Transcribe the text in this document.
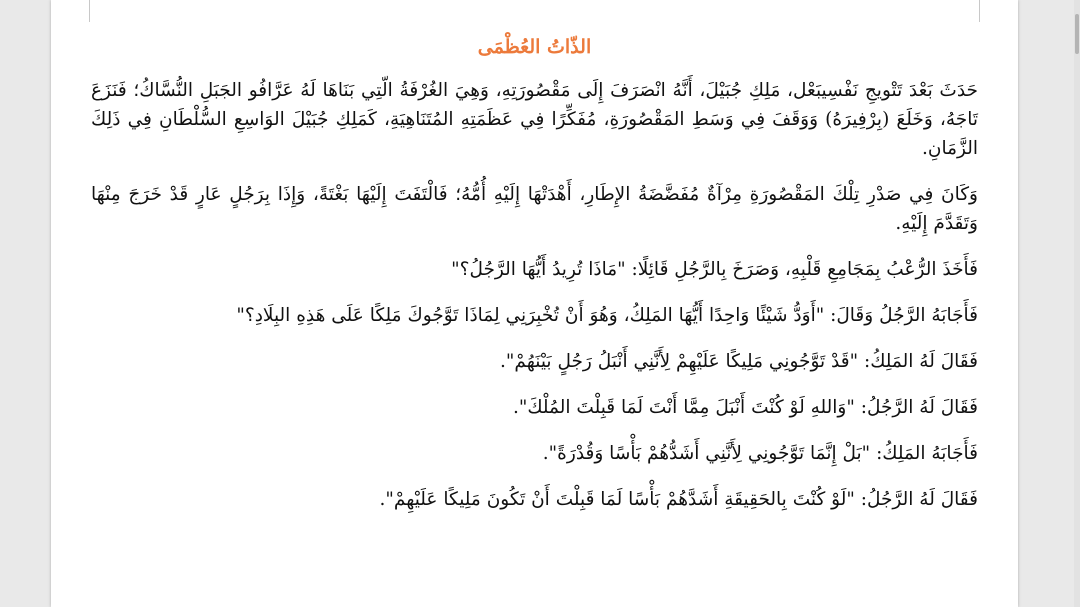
الذّاتُ العُظْمَى

حَدَثَ بَعْدَ تَتْويجِ نَفْسِيبَعْل، مَلِكِ جُبَيْلَ، أَنَّهُ انْصَرَفَ إِلَى مَقْصُورَتِهِ، وَهِيَ الغُرْفَةُ الّتِي بَنَاهَا لَهُ عَرَّافُو الجَبَلِ النُّسَّاكُ؛ فَنَزَعَ تَاجَهُ، وَخَلَعَ (بِرْفِيرَهُ) وَوَقَفَ فِي وَسَطِ المَقْصُورَةِ، مُفَكِّرًا فِي عَظَمَتِهِ المُتَنَاهِيَةِ، كَمَلِكِ جُبَيْلَ الوَاسِعِ السُّلْطَانِ فِي ذَلِكَ الزَّمَانِ.

وَكَانَ فِي صَدْرِ تِلْكَ المَقْصُورَةِ مِرْآةٌ مُفَضَّضَةُ الإِطَارِ، أَهْدَتْهَا إِلَيْهِ أُمُّهُ؛ فَالْتَفَتَ إِلَيْهَا بَغْتَةً، وَإِذَا بِرَجُلٍ عَارٍ قَدْ خَرَجَ مِنْهَا وَتَقَدَّمَ إِلَيْهِ.

فَأَخَذَ الرُّعْبُ بِمَجَامِعِ قَلْبِهِ، وَصَرَخَ بِالرَّجُلِ قَائِلًا: "مَاذَا تُرِيدُ أَيُّهَا الرَّجُلُ؟"

فَأَجَابَهُ الرَّجُلُ وَقَالَ: "أَوَدُّ شَيْئًا وَاحِدًا أَيُّهَا المَلِكُ، وَهُوَ أَنْ تُخْبِرَنِي لِمَاذَا تَوَّجُوكَ مَلِكًا عَلَى هَذِهِ البِلَادِ؟"

فَقَالَ لَهُ المَلِكُ: "قَدْ تَوَّجُونِي مَلِيكًا عَلَيْهِمْ لِأَنَّنِي أَنْبَلُ رَجُلٍ بَيْنَهُمْ".

فَقَالَ لَهُ الرَّجُلُ: "وَاللهِ لَوْ كُنْتَ أَنْبَلَ مِمَّا أَنْتَ لَمَا قَبِلْتَ المُلْكَ".

فَأَجَابَهُ المَلِكُ: "بَلْ إِنَّمَا تَوَّجُونِي لِأَنَّنِي أَشَدُّهُمْ بَأْسًا وَقُدْرَةً".

فَقَالَ لَهُ الرَّجُلُ: "لَوْ كُنْتَ بِالحَقِيقَةِ أَشَدَّهُمْ بَأْسًا لَمَا قَبِلْتَ أَنْ تَكُونَ مَلِيكًا عَلَيْهِمْ".
